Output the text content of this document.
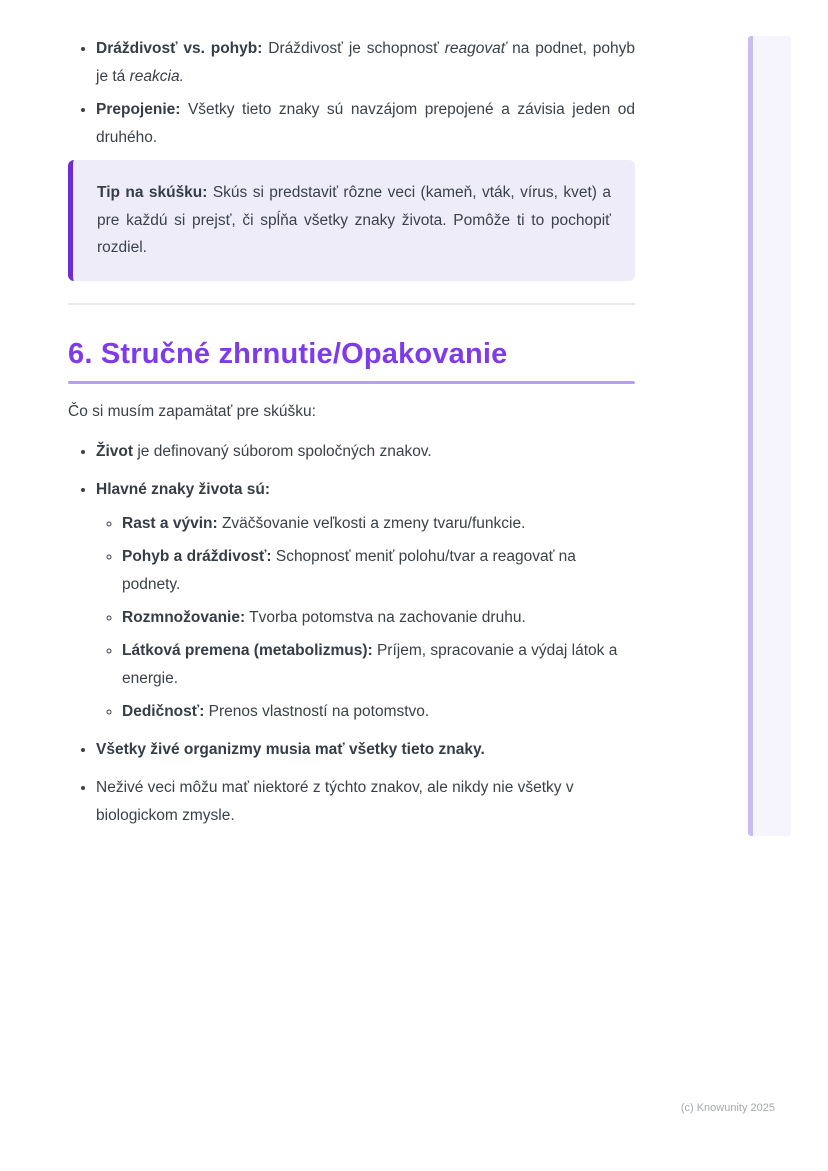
• Dráždivosť vs. pohyb: Dráždivosť je schopnosť reagovať na podnet, pohyb je tá reakcia.
• Prepojenie: Všetky tieto znaky sú navzájom prepojené a závisia jeden od druhého.

Tip na skúšku: Skús si predstaviť rôzne veci (kameň, vták, vírus, kvet) a pre každú si prejsť, či spĺňa všetky znaky života. Pomôže ti to pochopiť rozdiel.

6. Stručné zhrnutie/Opakovanie

Čo si musím zapamätať pre skúšku:

• Život je definovaný súborom spoločných znakov.
• Hlavné znaky života sú:
◦ Rast a vývin: Zväčšovanie veľkosti a zmeny tvaru/funkcie.
◦ Pohyb a dráždivosť: Schopnosť meniť polohu/tvar a reagovať na podnety.
◦ Rozmnožovanie: Tvorba potomstva na zachovanie druhu.
◦ Látková premena (metabolizmus): Príjem, spracovanie a výdaj látok a energie.
◦ Dedičnosť: Prenos vlastností na potomstvo.
• Všetky živé organizmy musia mať všetky tieto znaky.
• Neživé veci môžu mať niektoré z týchto znakov, ale nikdy nie všetky v biologickom zmysle.
(c) Knowunity 2025
